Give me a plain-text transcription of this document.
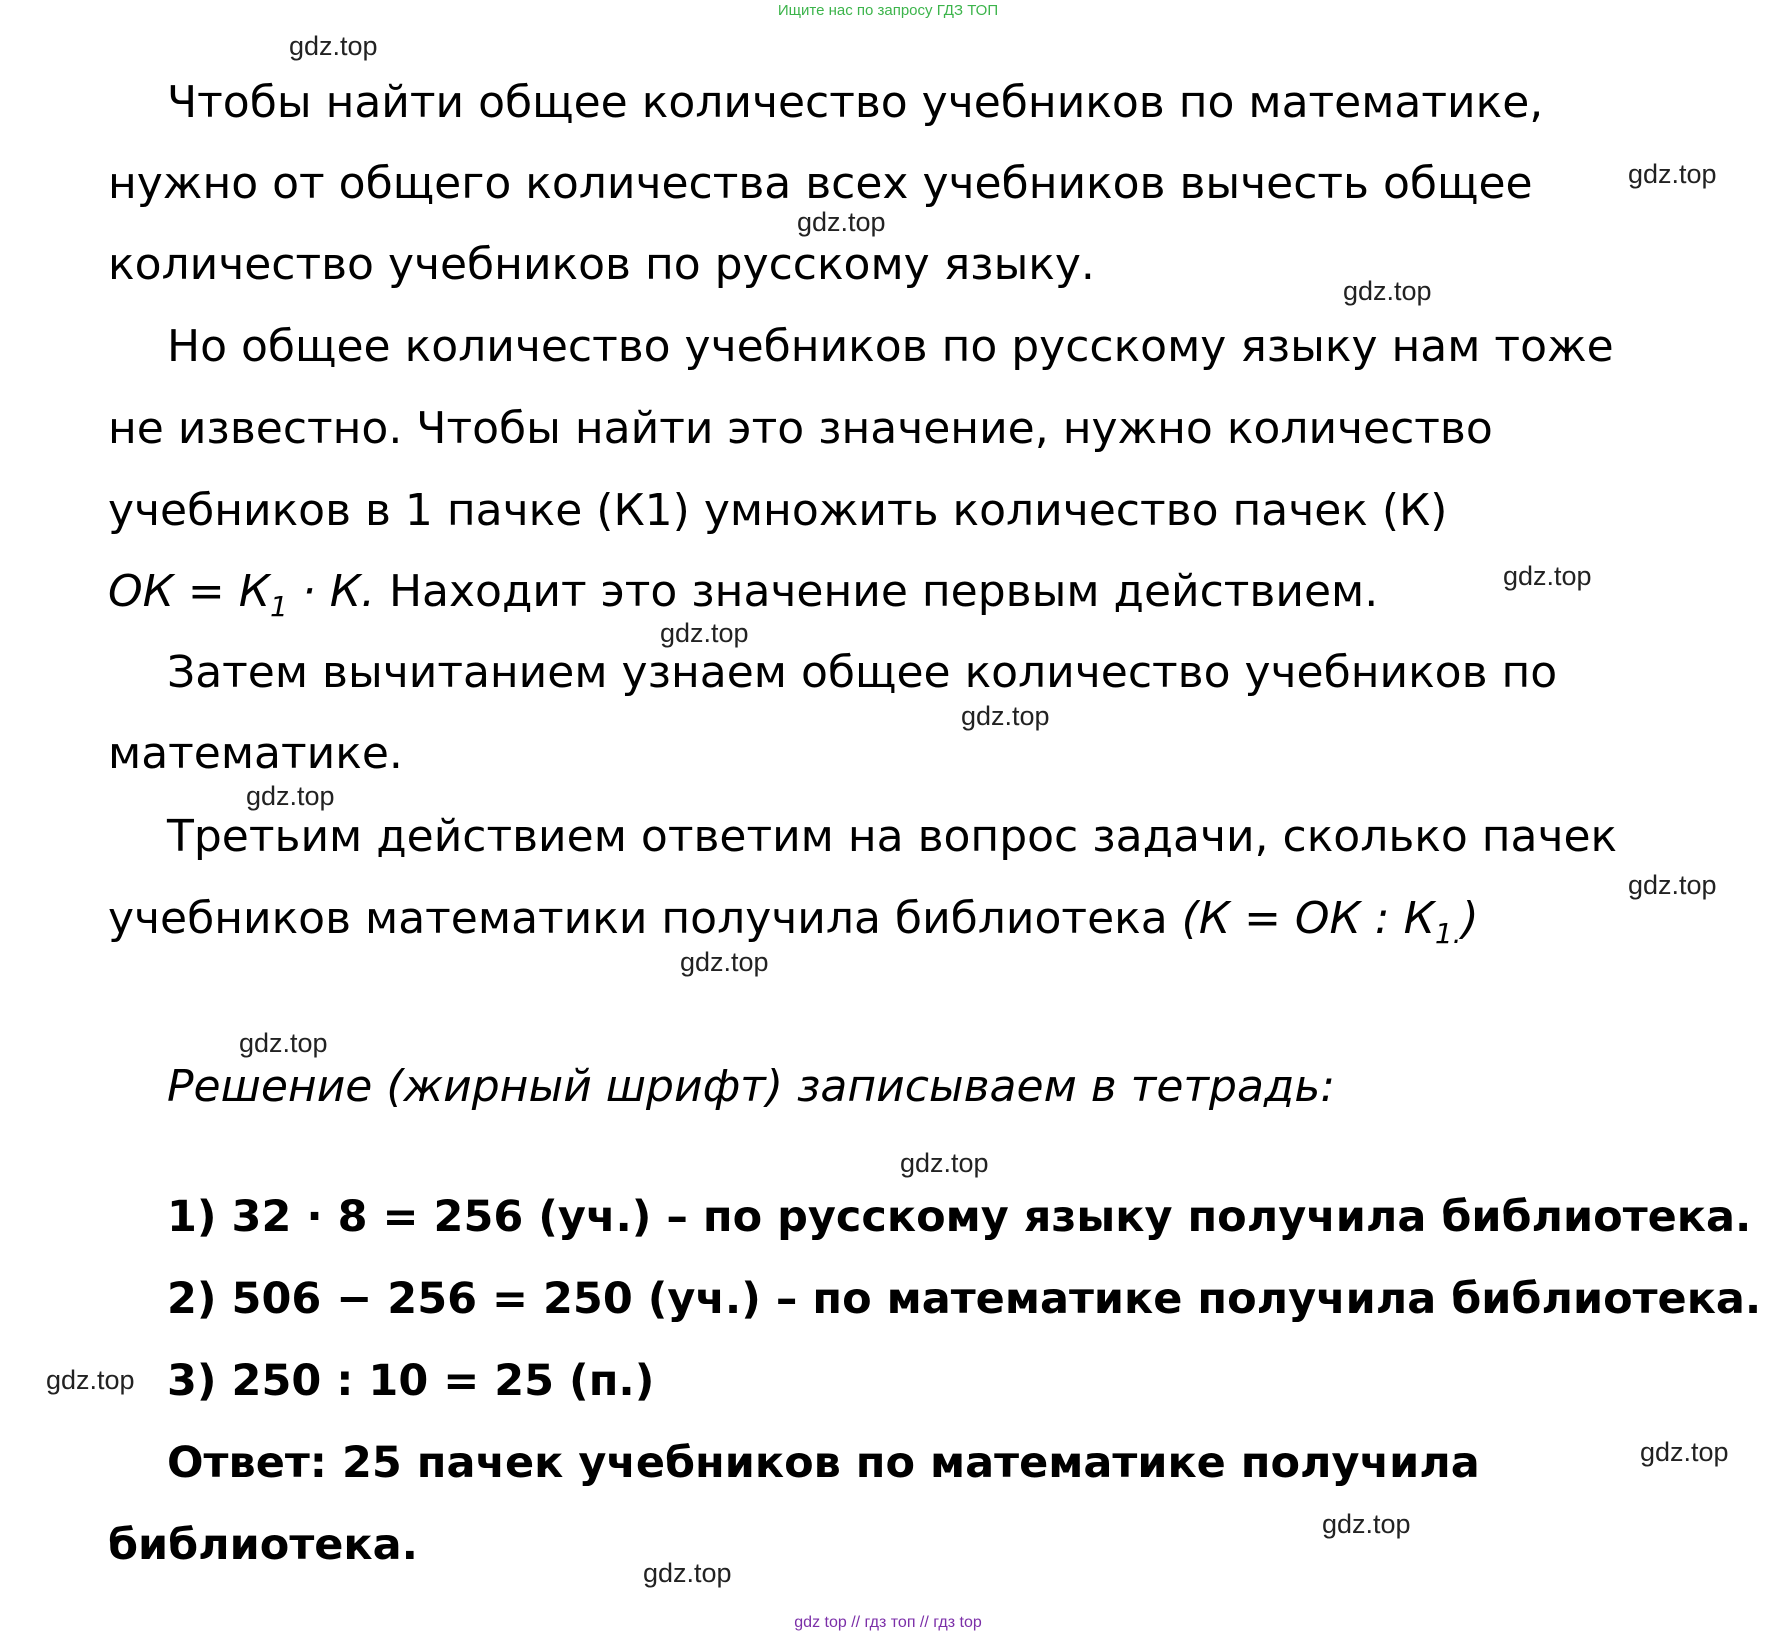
Ищите нас по запросу ГДЗ ТОП
Чтобы найти общее количество учебников по математике,
нужно от общего количества всех учебников вычесть общее
количество учебников по русскому языку.
Но общее количество учебников по русскому языку нам тоже
не известно. Чтобы найти это значение, нужно количество
учебников в 1 пачке (К1) умножить количество пачек (К)
ОК = $К_1 \cdot К$. Находит это значение первым действием.
Затем вычитанием узнаем общее количество учебников по
математике.
Третьим действием ответим на вопрос задачи, сколько пачек
учебников математики получила библиотека (К = ОК : $К_{1.}$)
Решение (жирный шрифт) записываем в тетрадь:
1) 32 · 8 = 256 (уч.) – по русскому языку получила библиотека.
2) 506 − 256 = 250 (уч.) – по математике получила библиотека.
3) 250 : 10 = 25 (п.)
Ответ: 25 пачек учебников по математике получила
библиотека.
gdz.top
gdz.top
gdz.top
gdz.top
gdz.top
gdz.top
gdz.top
gdz.top
gdz.top
gdz.top
gdz.top
gdz.top
gdz.top
gdz.top
gdz.top
gdz.top
gdz top // гдз топ // гдз top
